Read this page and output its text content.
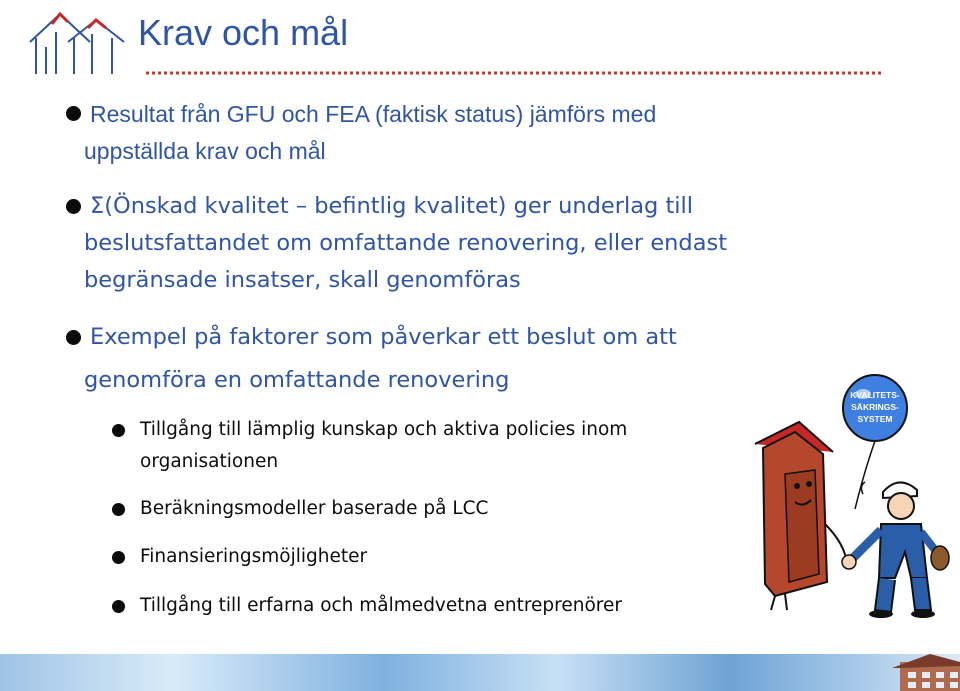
Krav och mål
Resultat från GFU och FEA (faktisk status) jämförs med
uppställda krav och mål
Σ(Önskad kvalitet – befintlig kvalitet) ger underlag till
beslutsfattandet om omfattande renovering, eller endast
begränsade insatser, skall genomföras
Exempel på faktorer som påverkar ett beslut om att
genomföra en omfattande renovering
Tillgång till lämplig kunskap och aktiva policies inom
organisationen
Beräkningsmodeller baserade på LCC
Finansieringsmöjligheter
Tillgång till erfarna och målmedvetna entreprenörer
KVALITETS-
SÄKRINGS-
SYSTEM
